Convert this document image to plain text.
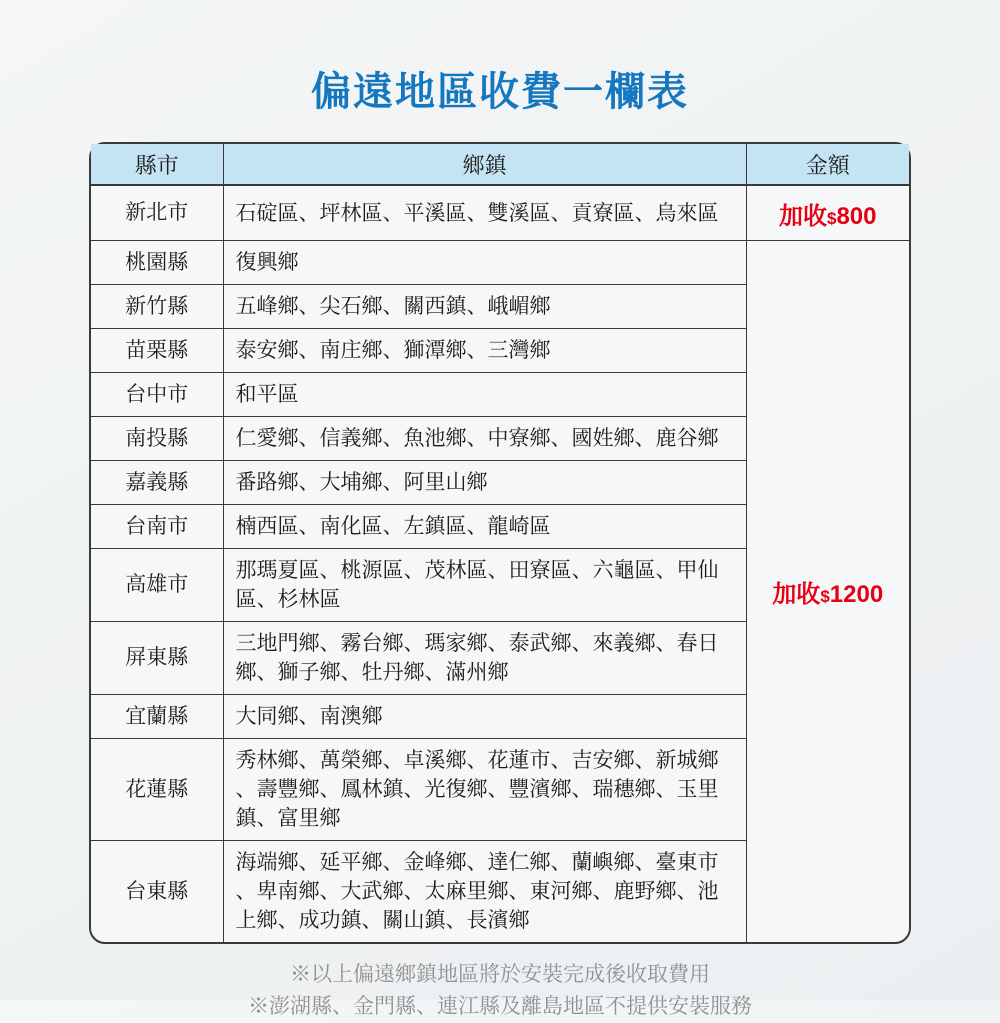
偏遠地區收費一欄表
縣市	鄉鎮	金額
新北市	石碇區、坪林區、平溪區、雙溪區、貢寮區、烏來區	加收$800
桃園縣	復興鄉	加收$1200
新竹縣	五峰鄉、尖石鄉、關西鎮、峨嵋鄉	
苗栗縣	泰安鄉、南庄鄉、獅潭鄉、三灣鄉	
台中市	和平區	
南投縣	仁愛鄉、信義鄉、魚池鄉、中寮鄉、國姓鄉、鹿谷鄉	
嘉義縣	番路鄉、大埔鄉、阿里山鄉	
台南市	楠西區、南化區、左鎮區、龍崎區	
高雄市	那瑪夏區、桃源區、茂林區、田寮區、六龜區、甲仙區、杉林區	
屏東縣	三地門鄉、霧台鄉、瑪家鄉、泰武鄉、來義鄉、春日鄉、獅子鄉、牡丹鄉、滿州鄉	
宜蘭縣	大同鄉、南澳鄉	
花蓮縣	秀林鄉、萬榮鄉、卓溪鄉、花蓮市、吉安鄉、新城鄉、壽豐鄉、鳳林鎮、光復鄉、豐濱鄉、瑞穗鄉、玉里鎮、富里鄉	
台東縣	海端鄉、延平鄉、金峰鄉、達仁鄉、蘭嶼鄉、臺東市、卑南鄉、大武鄉、太麻里鄉、東河鄉、鹿野鄉、池上鄉、成功鎮、關山鎮、長濱鄉	

※以上偏遠鄉鎮地區將於安裝完成後收取費用

※澎湖縣、金門縣、連江縣及離島地區不提供安裝服務
